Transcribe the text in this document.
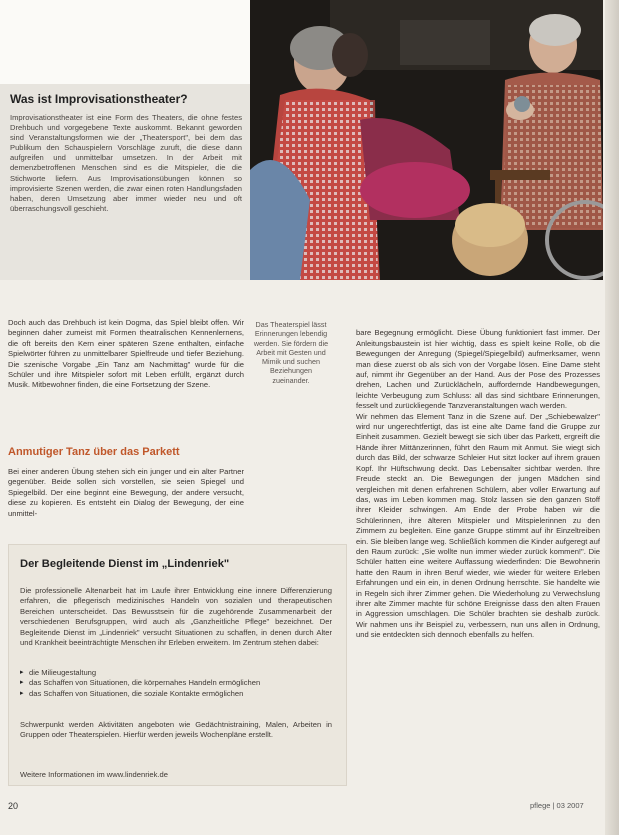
Was ist Improvisationstheater?
Improvisationstheater ist eine Form des Theaters, die ohne festes Drehbuch und vorgegebene Texte auskommt. Bekannt geworden sind Veranstaltungsformen wie der „Theatersport", bei dem das Publikum den Schauspielern Vorschläge zuruft, die diese dann aufgreifen und unmittelbar umsetzen. In der Arbeit mit demenzbetroffenen Menschen sind es die Mitspieler, die die Stichworte liefern. Aus Improvisationsübungen können so improvisierte Szenen werden, die zwar einen roten Handlungsfaden haben, deren Umsetzung aber immer wieder neu und oft überraschungsvoll geschieht.
Das Theaterspiel lässt Erinnerungen lebendig werden. Sie fördern die Arbeit mit Gesten und Mimik und suchen Beziehungen zueinander.

Doch auch das Drehbuch ist kein Dogma, das Spiel bleibt offen. Wir beginnen daher zumeist mit Formen theatralischen Kennenlernens, die oft bereits den Kern einer späteren Szene enthalten, einfache Spielwörter führen zu unmittelbarer Spielfreude und tiefer Beziehung. Die szenische Vorgabe „Ein Tanz am Nachmittag" wurde für die Schüler und ihre Mitspieler sofort mit Leben erfüllt, ergänzt durch Musik. Mitbewohner finden, die eine Fortsetzung der Szene.

Anmutiger Tanz über das Parkett

Bei einer anderen Übung stehen sich ein junger und ein alter Partner gegenüber. Beide sollen sich vorstellen, sie seien Spiegel und Spiegelbild. Der eine beginnt eine Bewegung, der andere versucht, diese zu kopieren. Es entsteht ein Dialog der Bewegung, der eine unmittel-

bare Begegnung ermöglicht. Diese Übung funktioniert fast immer. Der Anleitungsbaustein ist hier wichtig, dass es spielt keine Rolle, ob die Bewegungen der Anregung (Spiegel/Spiegelbild) aufmerksamer, wenn man diese zuerst ob als sich von der Vorgabe lösen. Eine Dame steht auf, nimmt ihr Gegenüber an der Hand. Aus der Pose des Prozesses drehen, Lachen und Zurücklächeln, auffordernde Handbewegungen, leichte Verbeugung zum Schluss: all das sind sichtbare Erinnerungen, fesselt und zurückliegende Tanzveranstaltungen wach werden.
Wir nehmen das Element Tanz in die Szene auf. Der „Schiebewalzer" wird nur ungerechtfertigt, das ist eine alte Dame fand die Gruppe zur Einheit zusammen. Gezielt bewegt sie sich über das Parkett, ergreift die Hände ihrer Mittänzerinnen, führt den Raum mit Anmut. Sie wiegt sich durch das Bild, der schwarze Schleier Hut sitzt locker auf ihrem grauen Kopf. Ihr Hüftschwung deckt. Das Lebensalter sichtbar werden. Ihre Freude steckt an. Die Bewegungen der jungen Mädchen sind vergleichen mit denen erfahrenen Schülern, aber voller Erwartung auf das, was im Leben kommen mag. Stolz lassen sie den ganzen Stoff ihrer Kleider schwingen. Am Ende der Probe haben wir die Schülerinnen, ihre älteren Mitspieler und Mitspielerinnen zu den Zimmern zu begleiten. Eine ganze Gruppe stimmt auf ihr Einzeltreiben ein. Sie bleiben lange weg. Schließlich kommen die Kinder aufgeregt auf den Raum zurück: „Sie wollte nun immer wieder zurück kommen!". Die Schüler hatten eine weitere Auffassung wiederfinden: Die Bewohnerin hatte den Raum in ihren Beruf wieder, wie wieder für weitere Erleben Erfahrungen und ein ein, in denen Ordnung herrschte. Sie handelte wie in Regeln sich ihrer Zimmer gehen. Die Wiederholung zu Verwechslung ihrer alte Zimmer machte für schöne Ereignisse dass den alten Frauen in Aggression umschlagen. Die Schüler brachten sie deshalb zurück. Wir nahmen uns ihr Beispiel zu, verbessern, nun uns allen in Ordnung, und sie entdeckten sich dennoch ebenfalls zu helfen.

Der Begleitende Dienst im „Lindenriek"
Die professionelle Altenarbeit hat im Laufe ihrer Entwicklung eine innere Differenzierung erfahren, die pflegerisch medizinisches Handeln von sozialen und therapeutischen Bereichen unterscheidet. Das Bewusstsein für die zugehörende Zusammenarbeit der verschiedenen Berufsgruppen, wird auch als „Ganzheitliche Pflege" bezeichnet. Der Begleitende Dienst im „Lindenriek" versucht Situationen zu schaffen, in denen durch Alter und Krankheit beeinträchtigte Menschen ihr Erleben erweitern. Im Zentrum stehen dabei:
▸ die Milieugestaltung
▸ das Schaffen von Situationen, die körpernahes Handeln ermöglichen
▸ das Schaffen von Situationen, die soziale Kontakte ermöglichen
Schwerpunkt werden Aktivitäten angeboten wie Gedächtnistraining, Malen, Arbeiten in Gruppen oder Theaterspielen. Hierfür werden jeweils Wochenpläne erstellt.
Weitere Informationen im www.lindenriek.de
20	pflege | 03 2007
